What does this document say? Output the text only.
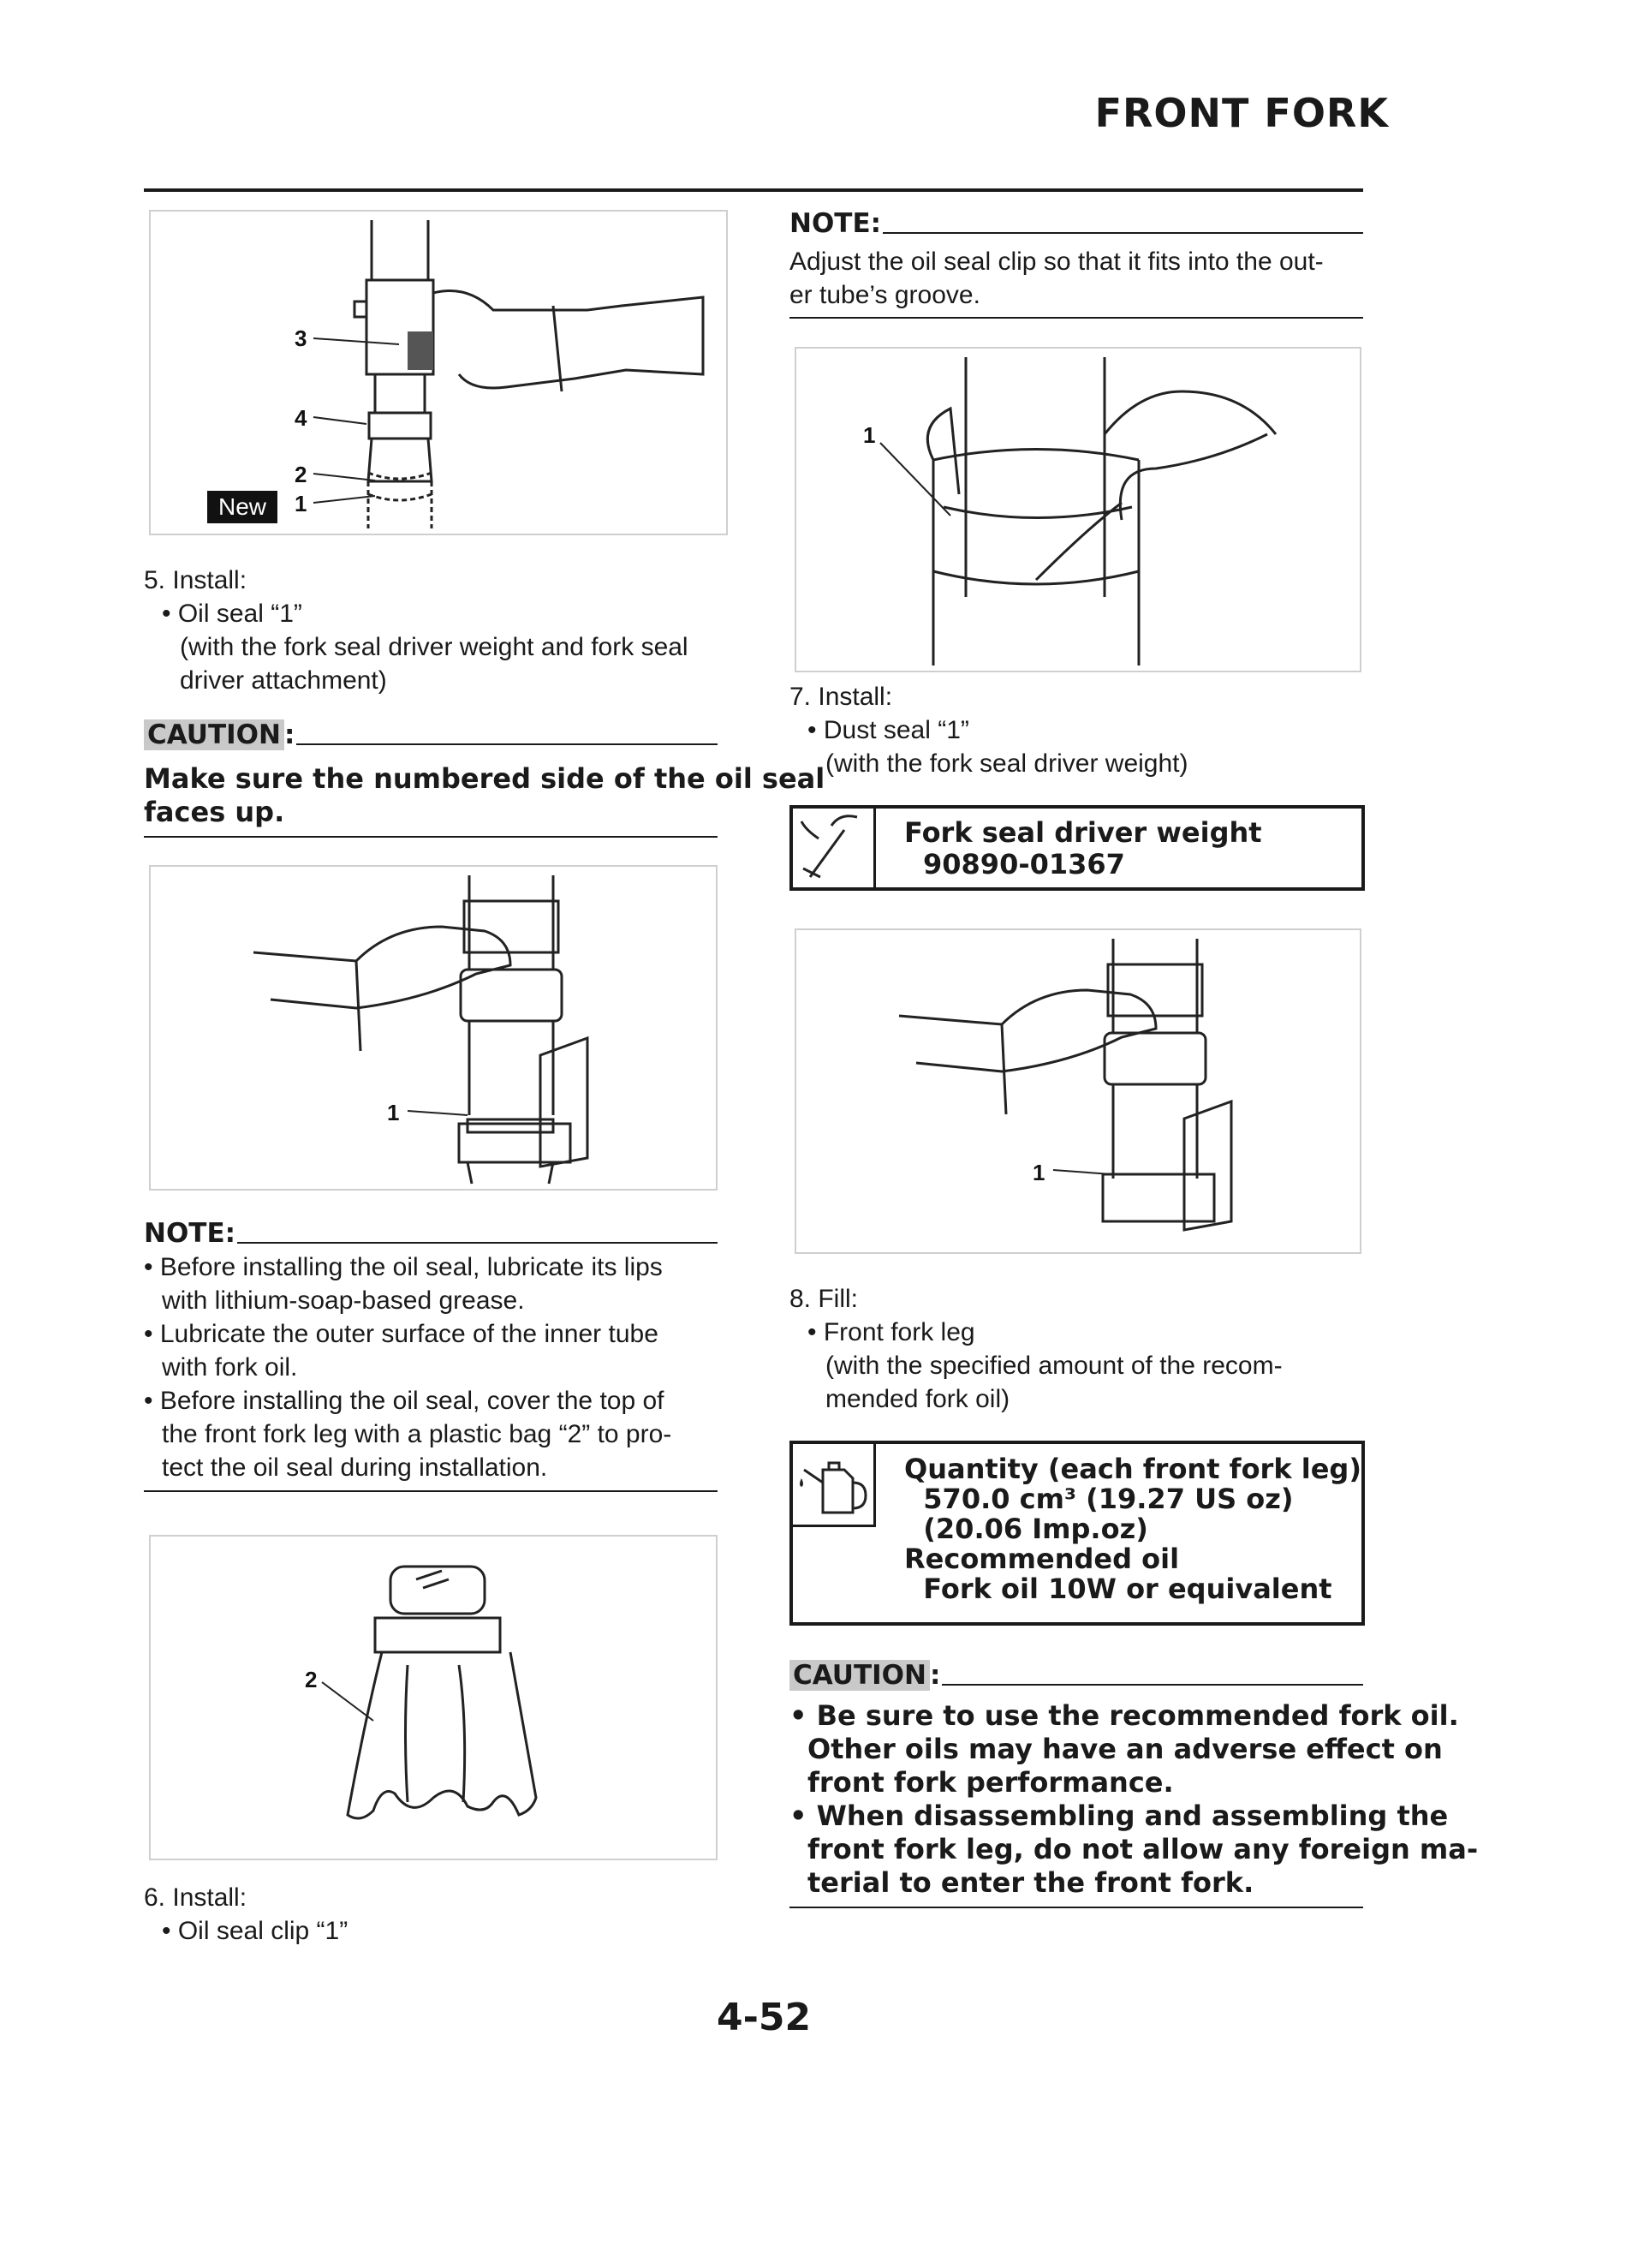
FRONT FORK
3
4
2
1
New
5. Install:
• Oil seal “1”
(with the fork seal driver weight and fork seal
driver attachment)
CAUTION :
Make sure the numbered side of the oil seal
faces up.
1
NOTE:
• Before installing the oil seal, lubricate its lips
with lithium-soap-based grease.
• Lubricate the outer surface of the inner tube
with fork oil.
• Before installing the oil seal, cover the top of
the front fork leg with a plastic bag “2” to pro-
tect the oil seal during installation.
2
6. Install:
• Oil seal clip “1”
NOTE:
Adjust the oil seal clip so that it fits into the out-
er tube’s groove.
1
7. Install:
• Dust seal “1”
(with the fork seal driver weight)
Fork seal driver weight
90890-01367
1
8. Fill:
• Front fork leg
(with the specified amount of the recom-
mended fork oil)
Quantity (each front fork leg)
570.0 cm³ (19.27 US oz)
(20.06 Imp.oz)
Recommended oil
Fork oil 10W or equivalent
CAUTION :
• Be sure to use the recommended fork oil.
Other oils may have an adverse effect on
front fork performance.
• When disassembling and assembling the
front fork leg, do not allow any foreign ma-
terial to enter the front fork.
4-52
